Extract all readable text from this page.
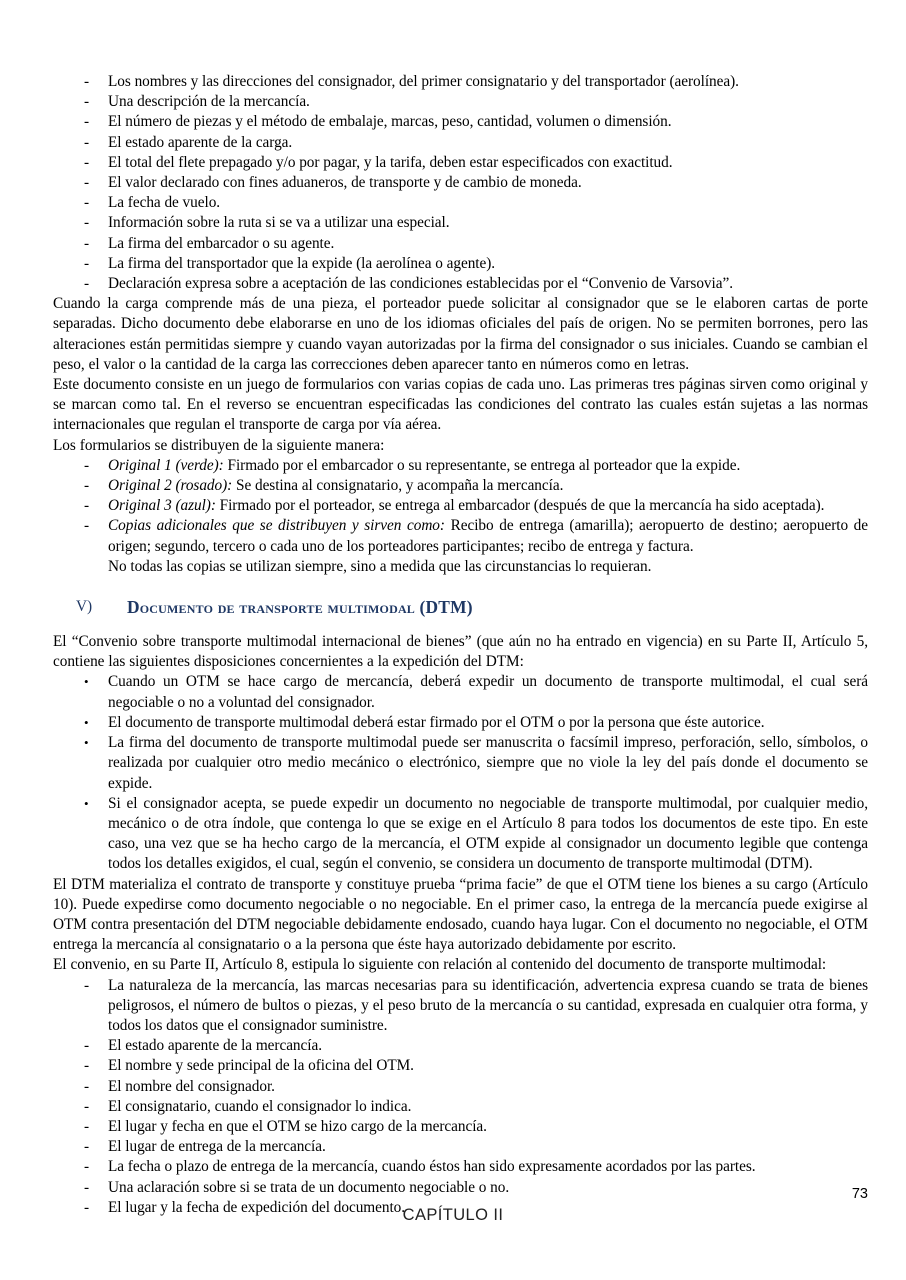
-
Los nombres y las direcciones del consignador, del primer consignatario y del transportador (aerolínea).
-
Una descripción de la mercancía.
-
El número de piezas y el método de embalaje, marcas, peso, cantidad, volumen o dimensión.
-
El estado aparente de la carga.
-
El total del flete prepagado y/o por pagar, y la tarifa, deben estar especificados con exactitud.
-
El valor declarado con fines aduaneros, de transporte y de cambio de moneda.
-
La fecha de vuelo.
-
Información sobre la ruta si se va a utilizar una especial.
-
La firma del embarcador o su agente.
-
La firma del transportador que la expide (la aerolínea o agente).
-
Declaración expresa sobre a aceptación de las condiciones establecidas por el “Convenio de Varsovia”.

Cuando la carga comprende más de una pieza, el porteador puede solicitar al consignador que se le elaboren cartas de porte separadas. Dicho documento debe elaborarse en uno de los idiomas oficiales del país de origen. No se permiten borrones, pero las alteraciones están permitidas siempre y cuando vayan autorizadas por la firma del consignador o sus iniciales. Cuando se cambian el peso, el valor o la cantidad de la carga las correcciones deben aparecer tanto en números como en letras.

Este documento consiste en un juego de formularios con varias copias de cada uno. Las primeras tres páginas sirven como original y se marcan como tal. En el reverso se encuentran especificadas las condiciones del contrato las cuales están sujetas a las normas internacionales que regulan el transporte de carga por vía aérea.

Los formularios se distribuyen de la siguiente manera:

-
Original 1 (verde): Firmado por el embarcador o su representante, se entrega al porteador que la expide.
-
Original 2 (rosado): Se destina al consignatario, y acompaña la mercancía.
-
Original 3 (azul): Firmado por el porteador, se entrega al embarcador (después de que la mercancía ha sido aceptada).
-
Copias adicionales que se distribuyen y sirven como: Recibo de entrega (amarilla); aeropuerto de destino; aeropuerto de origen; segundo, tercero o cada uno de los porteadores participantes; recibo de entrega y factura.
No todas las copias se utilizan siempre, sino a medida que las circunstancias lo requieran.
V) Documento de transporte multimodal (DTM)

El “Convenio sobre transporte multimodal internacional de bienes” (que aún no ha entrado en vigencia) en su Parte II, Artículo 5, contiene las siguientes disposiciones concernientes a la expedición del DTM:

•
Cuando un OTM se hace cargo de mercancía, deberá expedir un documento de transporte multimodal, el cual será negociable o no a voluntad del consignador.
•
El documento de transporte multimodal deberá estar firmado por el OTM o por la persona que éste autorice.
•
La firma del documento de transporte multimodal puede ser manuscrita o facsímil impreso, perforación, sello, símbolos, o realizada por cualquier otro medio mecánico o electrónico, siempre que no viole la ley del país donde el documento se expide.
•
Si el consignador acepta, se puede expedir un documento no negociable de transporte multimodal, por cualquier medio, mecánico o de otra índole, que contenga lo que se exige en el Artículo 8 para todos los documentos de este tipo. En este caso, una vez que se ha hecho cargo de la mercancía, el OTM expide al consignador un documento legible que contenga todos los detalles exigidos, el cual, según el convenio, se considera un documento de transporte multimodal (DTM).

El DTM materializa el contrato de transporte y constituye prueba “prima facie” de que el OTM tiene los bienes a su cargo (Artículo 10). Puede expedirse como documento negociable o no negociable. En el primer caso, la entrega de la mercancía puede exigirse al OTM contra presentación del DTM negociable debidamente endosado, cuando haya lugar. Con el documento no negociable, el OTM entrega la mercancía al consignatario o a la persona que éste haya autorizado debidamente por escrito.

El convenio, en su Parte II, Artículo 8, estipula lo siguiente con relación al contenido del documento de transporte multimodal:

-
La naturaleza de la mercancía, las marcas necesarias para su identificación, advertencia expresa cuando se trata de bienes peligrosos, el número de bultos o piezas, y el peso bruto de la mercancía o su cantidad, expresada en cualquier otra forma, y todos los datos que el consignador suministre.
-
El estado aparente de la mercancía.
-
El nombre y sede principal de la oficina del OTM.
-
El nombre del consignador.
-
El consignatario, cuando el consignador lo indica.
-
El lugar y fecha en que el OTM se hizo cargo de la mercancía.
-
El lugar de entrega de la mercancía.
-
La fecha o plazo de entrega de la mercancía, cuando éstos han sido expresamente acordados por las partes.
-
Una aclaración sobre si se trata de un documento negociable o no.
-
El lugar y la fecha de expedición del documento.
73
CAPÍTULO II
